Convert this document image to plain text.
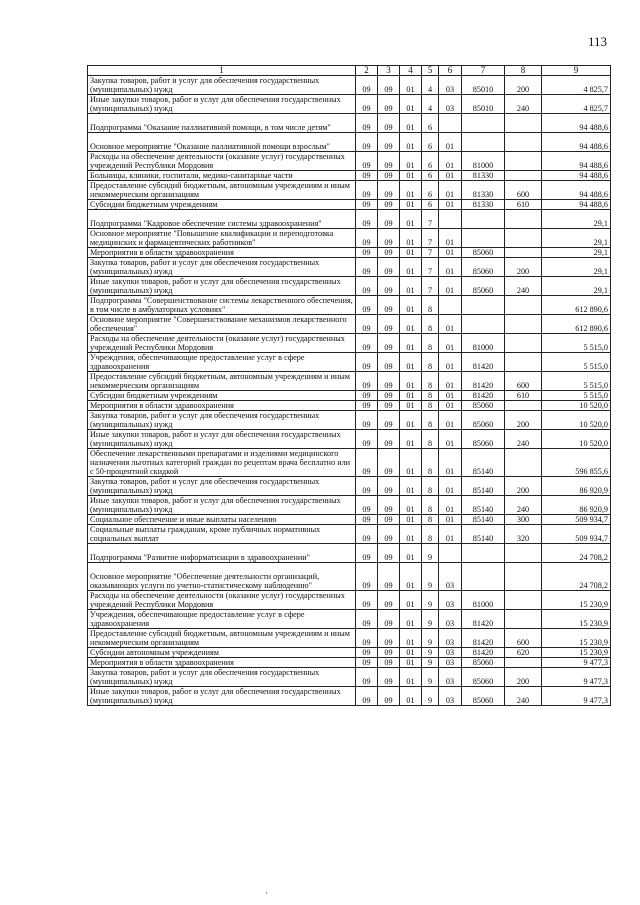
113
1	2	3	4	5	6	7	8	9
Закупка товаров, работ и услуг для обеспечения государственных (муниципальных) нужд	09	09	01	4	03	85010	200	4 825,7
Иные закупки товаров, работ и услуг для обеспечения государственных (муниципальных) нужд	09	09	01	4	03	85010	240	4 825,7
Подпрограмма "Оказание паллиативной помощи, в том числе детям"	09	09	01	6				94 488,6
Основное мероприятие "Оказание паллиативной помощи взрослым"	09	09	01	6	01			94 488,6
Расходы на обеспечение деятельности (оказание услуг) государственных учреждений Республики Мордовия	09	09	01	6	01	81000		94 488,6
Больницы, клиники, госпитали, медико-санитарные части	09	09	01	6	01	81330		94 488,6
Предоставление субсидий бюджетным, автономным учреждениям и иным некоммерческим организациям	09	09	01	6	01	81330	600	94 488,6
Субсидии бюджетным учреждениям	09	09	01	6	01	81330	610	94 488,6
Подпрограмма "Кадровое обеспечение системы здравоохранения"	09	09	01	7				29,1
Основное мероприятие "Повышение квалификации и переподготовка медицинских и фармацевтических работников"	09	09	01	7	01			29,1
Мероприятия в области здравоохранения	09	09	01	7	01	85060		29,1
Закупка товаров, работ и услуг для обеспечения государственных (муниципальных) нужд	09	09	01	7	01	85060	200	29,1
Иные закупки товаров, работ и услуг для обеспечения государственных (муниципальных) нужд	09	09	01	7	01	85060	240	29,1
Подпрограмма "Совершенствование системы лекарственного обеспечения, в том числе в амбулаторных условиях"	09	09	01	8				612 890,6
Основное мероприятие "Совершенствование механизмов лекарственного обеспечения"	09	09	01	8	01			612 890,6
Расходы на обеспечение деятельности (оказание услуг) государственных учреждений Республики Мордовия	09	09	01	8	01	81000		5 515,0
Учреждения, обеспечивающие предоставление услуг в сфере здравоохранения	09	09	01	8	01	81420		5 515,0
Предоставление субсидий бюджетным, автономным учреждениям и иным некоммерческим организациям	09	09	01	8	01	81420	600	5 515,0
Субсидии бюджетным учреждениям	09	09	01	8	01	81420	610	5 515,0
Мероприятия в области здравоохранения	09	09	01	8	01	85060		10 520,0
Закупка товаров, работ и услуг для обеспечения государственных (муниципальных) нужд	09	09	01	8	01	85060	200	10 520,0
Иные закупки товаров, работ и услуг для обеспечения государственных (муниципальных) нужд	09	09	01	8	01	85060	240	10 520,0
Обеспечение лекарственными препаратами и изделиями медицинского назначения льготных категорий граждан по рецептам врача бесплатно или с 50-процентной скидкой	09	09	01	8	01	85140		596 855,6
Закупка товаров, работ и услуг для обеспечения государственных (муниципальных) нужд	09	09	01	8	01	85140	200	86 920,9
Иные закупки товаров, работ и услуг для обеспечения государственных (муниципальных) нужд	09	09	01	8	01	85140	240	86 920,9
Социальное обеспечение и иные выплаты населению	09	09	01	8	01	85140	300	509 934,7
Социальные выплаты гражданам, кроме публичных нормативных социальных выплат	09	09	01	8	01	85140	320	509 934,7
Подпрограмма "Развитие информатизации в здравоохранении"	09	09	01	9				24 708,2
Основное мероприятие "Обеспечение деятельности организаций, оказывающих услуги по учетно-статистическому наблюдению"	09	09	01	9	03			24 708,2
Расходы на обеспечение деятельности (оказание услуг) государственных учреждений Республики Мордовия	09	09	01	9	03	81000		15 230,9
Учреждения, обеспечивающие предоставление услуг в сфере здравоохранения	09	09	01	9	03	81420		15 230,9
Предоставление субсидий бюджетным, автономным учреждениям и иным некоммерческим организациям	09	09	01	9	03	81420	600	15 230,9
Субсидии автономным учреждениям	09	09	01	9	03	81420	620	15 230,9
Мероприятия в области здравоохранения	09	09	01	9	03	85060		9 477,3
Закупка товаров, работ и услуг для обеспечения государственных (муниципальных) нужд	09	09	01	9	03	85060	200	9 477,3
Иные закупки товаров, работ и услуг для обеспечения государственных (муниципальных) нужд	09	09	01	9	03	85060	240	9 477,3
·
